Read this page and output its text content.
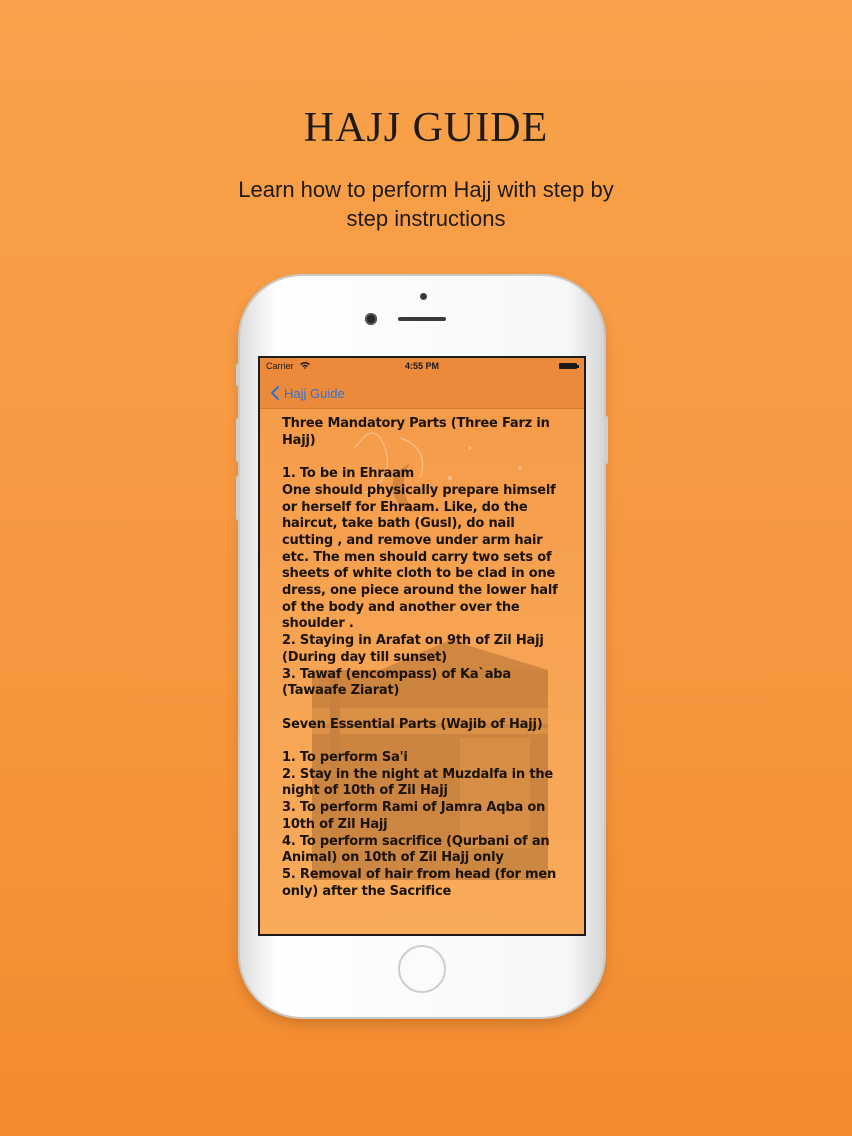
HAJJ GUIDE
Learn how to perform Hajj with step by step instructions
Carrier	4:55 PM
Hajj Guide
Three Mandatory Parts (Three Farz in Hajj)

1. To be in Ehraam
One should physically prepare himself or herself for Ehraam. Like, do the haircut, take bath (Gusl), do nail cutting , and remove under arm hair etc. The men should carry two sets of sheets of white cloth to be clad in one dress, one piece around the lower half of the body and another over the shoulder .
2. Staying in Arafat on 9th of Zil Hajj (During day till sunset)
3. Tawaf (encompass) of Ka`aba (Tawaafe Ziarat)

Seven Essential Parts (Wajib of Hajj)

1. To perform Sa'i
2. Stay in the night at Muzdalfa in the night of 10th of Zil Hajj
3. To perform Rami of Jamra Aqba on 10th of Zil Hajj
4. To perform sacrifice (Qurbani of an Animal) on 10th of Zil Hajj only
5. Removal of hair from head (for men only) after the Sacrifice
